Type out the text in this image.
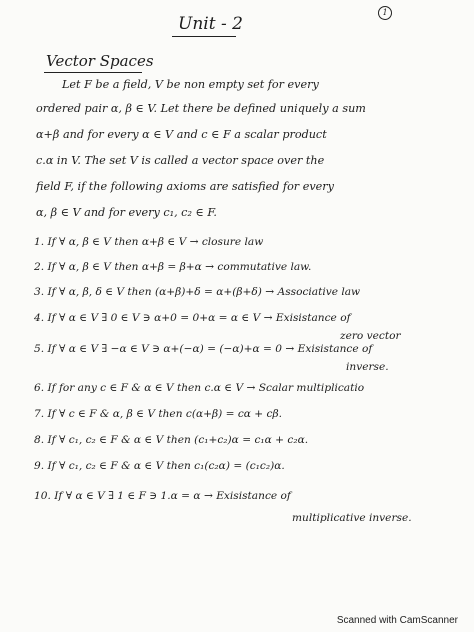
1
Unit - 2
Vector Spaces
Let F be a field, V be non empty set for every
ordered pair α, β ∈ V. Let there be defined uniquely a sum
α+β and for every α ∈ V and c ∈ F a scalar product
c.α in V. The set V is called a vector space over the
field F, if the following axioms are satisfied for every
α, β ∈ V and for every c₁, c₂ ∈ F.
1. If ∀ α, β ∈ V then α+β ∈ V → closure law
2. If ∀ α, β ∈ V then α+β = β+α → commutative law.
3. If ∀ α, β, δ ∈ V then (α+β)+δ = α+(β+δ) → Associative law
4. If ∀ α ∈ V ∃ 0 ∈ V ∋ α+0 = 0+α = α ∈ V → Exisistance of
zero vector
5. If ∀ α ∈ V ∃ −α ∈ V ∋ α+(−α) = (−α)+α = 0 → Exisistance of
inverse.
6. If for any c ∈ F & α ∈ V then c.α ∈ V → Scalar multiplicatio
7. If ∀ c ∈ F & α, β ∈ V then c(α+β) = cα + cβ.
8. If ∀ c₁, c₂ ∈ F & α ∈ V then (c₁+c₂)α = c₁α + c₂α.
9. If ∀ c₁, c₂ ∈ F & α ∈ V then c₁(c₂α) = (c₁c₂)α.
10. If ∀ α ∈ V ∃ 1 ∈ F ∋ 1.α = α → Exisistance of
multiplicative inverse.
Scanned with CamScanner
